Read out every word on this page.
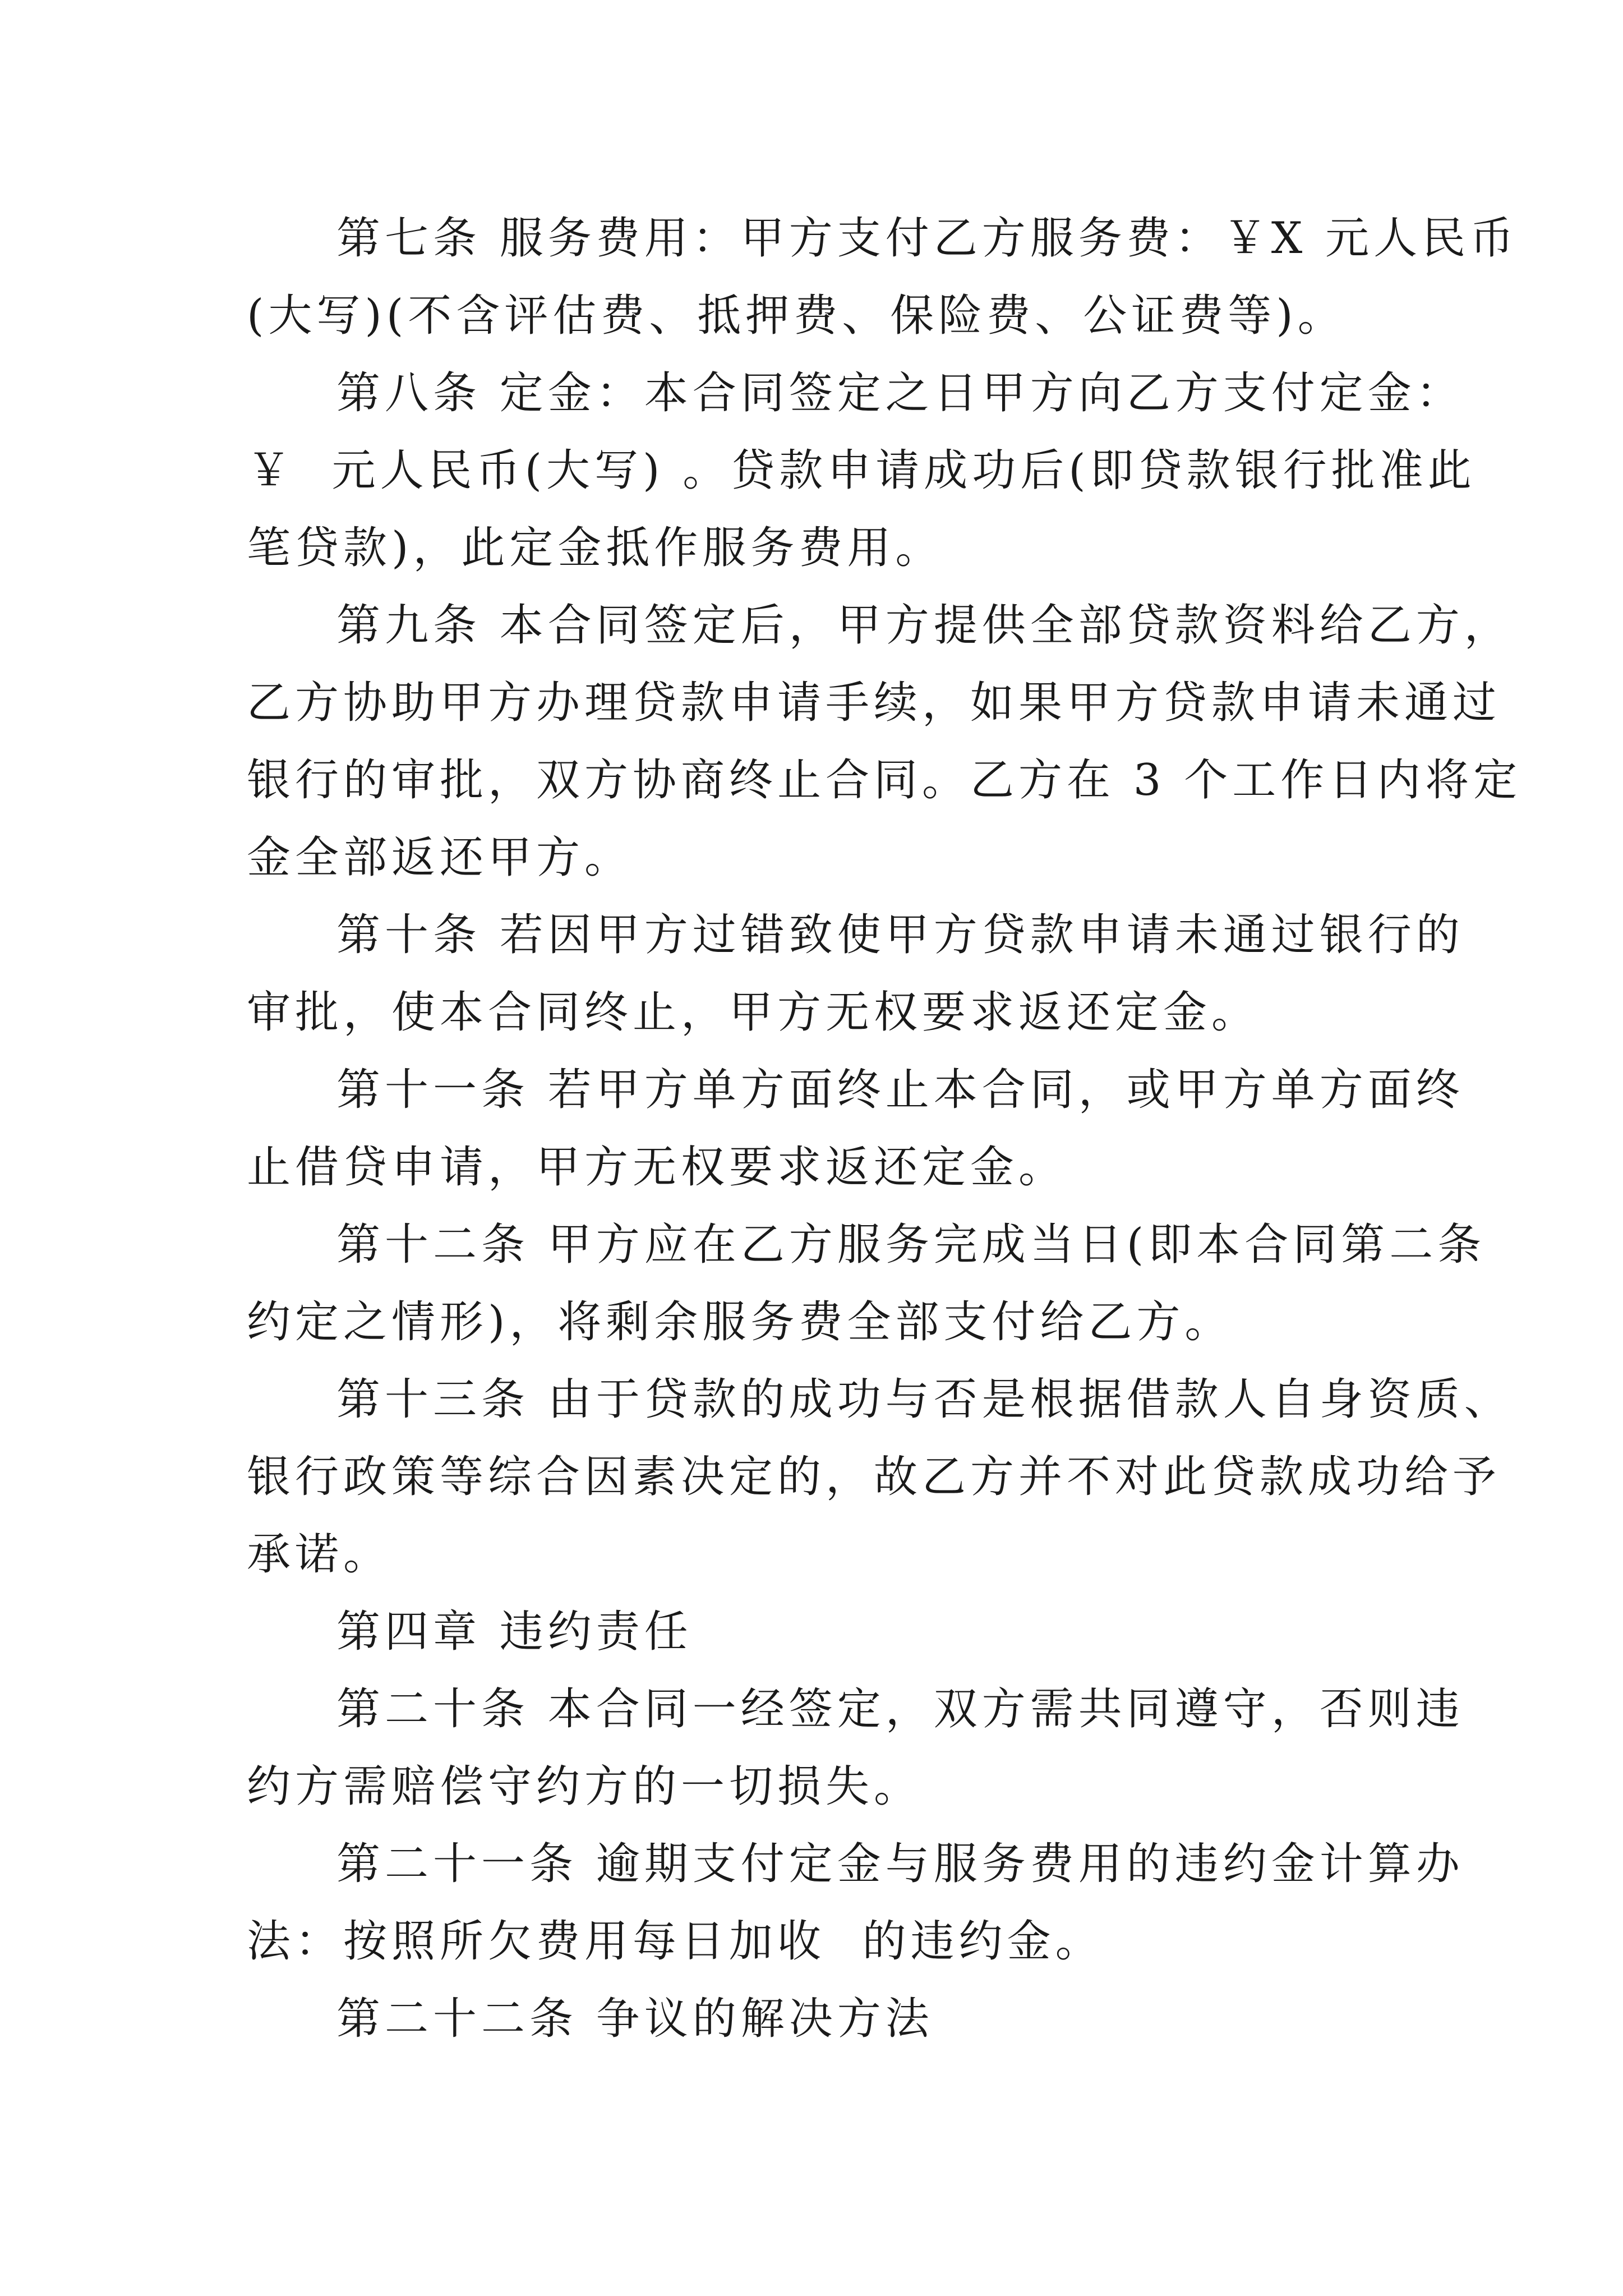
第七条 服务费用：甲方支付乙方服务费：￥X 元人民币
(大写)(不含评估费、抵押费、保险费、公证费等)。
第八条 定金：本合同签定之日甲方向乙方支付定金：
￥  元人民币(大写) 。贷款申请成功后(即贷款银行批准此
笔贷款)，此定金抵作服务费用。
第九条 本合同签定后，甲方提供全部贷款资料给乙方，
乙方协助甲方办理贷款申请手续，如果甲方贷款申请未通过
银行的审批，双方协商终止合同。乙方在 3 个工作日内将定
金全部返还甲方。
第十条 若因甲方过错致使甲方贷款申请未通过银行的
审批，使本合同终止，甲方无权要求返还定金。
第十一条 若甲方单方面终止本合同，或甲方单方面终
止借贷申请，甲方无权要求返还定金。
第十二条 甲方应在乙方服务完成当日(即本合同第二条
约定之情形)，将剩余服务费全部支付给乙方。
第十三条 由于贷款的成功与否是根据借款人自身资质、
银行政策等综合因素决定的，故乙方并不对此贷款成功给予
承诺。
第四章 违约责任
第二十条 本合同一经签定，双方需共同遵守，否则违
约方需赔偿守约方的一切损失。
第二十一条 逾期支付定金与服务费用的违约金计算办
法：按照所欠费用每日加收  的违约金。
第二十二条 争议的解决方法
